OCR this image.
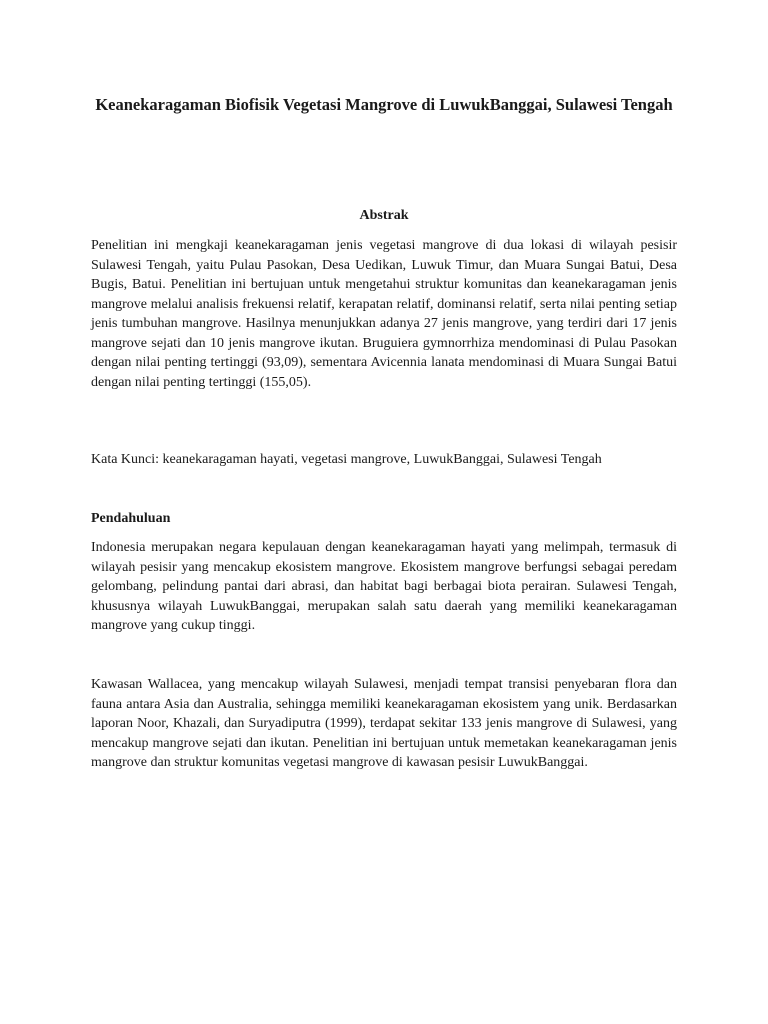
Keanekaragaman Biofisik Vegetasi Mangrove di LuwukBanggai, Sulawesi Tengah
Abstrak

Penelitian ini mengkaji keanekaragaman jenis vegetasi mangrove di dua lokasi di wilayah pesisir Sulawesi Tengah, yaitu Pulau Pasokan, Desa Uedikan, Luwuk Timur, dan Muara Sungai Batui, Desa Bugis, Batui. Penelitian ini bertujuan untuk mengetahui struktur komunitas dan keanekaragaman jenis mangrove melalui analisis frekuensi relatif, kerapatan relatif, dominansi relatif, serta nilai penting setiap jenis tumbuhan mangrove. Hasilnya menunjukkan adanya 27 jenis mangrove, yang terdiri dari 17 jenis mangrove sejati dan 10 jenis mangrove ikutan. Bruguiera gymnorrhiza mendominasi di Pulau Pasokan dengan nilai penting tertinggi (93,09), sementara Avicennia lanata mendominasi di Muara Sungai Batui dengan nilai penting tertinggi (155,05).

Kata Kunci: keanekaragaman hayati, vegetasi mangrove, LuwukBanggai, Sulawesi Tengah

Pendahuluan

Indonesia merupakan negara kepulauan dengan keanekaragaman hayati yang melimpah, termasuk di wilayah pesisir yang mencakup ekosistem mangrove. Ekosistem mangrove berfungsi sebagai peredam gelombang, pelindung pantai dari abrasi, dan habitat bagi berbagai biota perairan. Sulawesi Tengah, khususnya wilayah LuwukBanggai, merupakan salah satu daerah yang memiliki keanekaragaman mangrove yang cukup tinggi.

Kawasan Wallacea, yang mencakup wilayah Sulawesi, menjadi tempat transisi penyebaran flora dan fauna antara Asia dan Australia, sehingga memiliki keanekaragaman ekosistem yang unik. Berdasarkan laporan Noor, Khazali, dan Suryadiputra (1999), terdapat sekitar 133 jenis mangrove di Sulawesi, yang mencakup mangrove sejati dan ikutan. Penelitian ini bertujuan untuk memetakan keanekaragaman jenis mangrove dan struktur komunitas vegetasi mangrove di kawasan pesisir LuwukBanggai.
